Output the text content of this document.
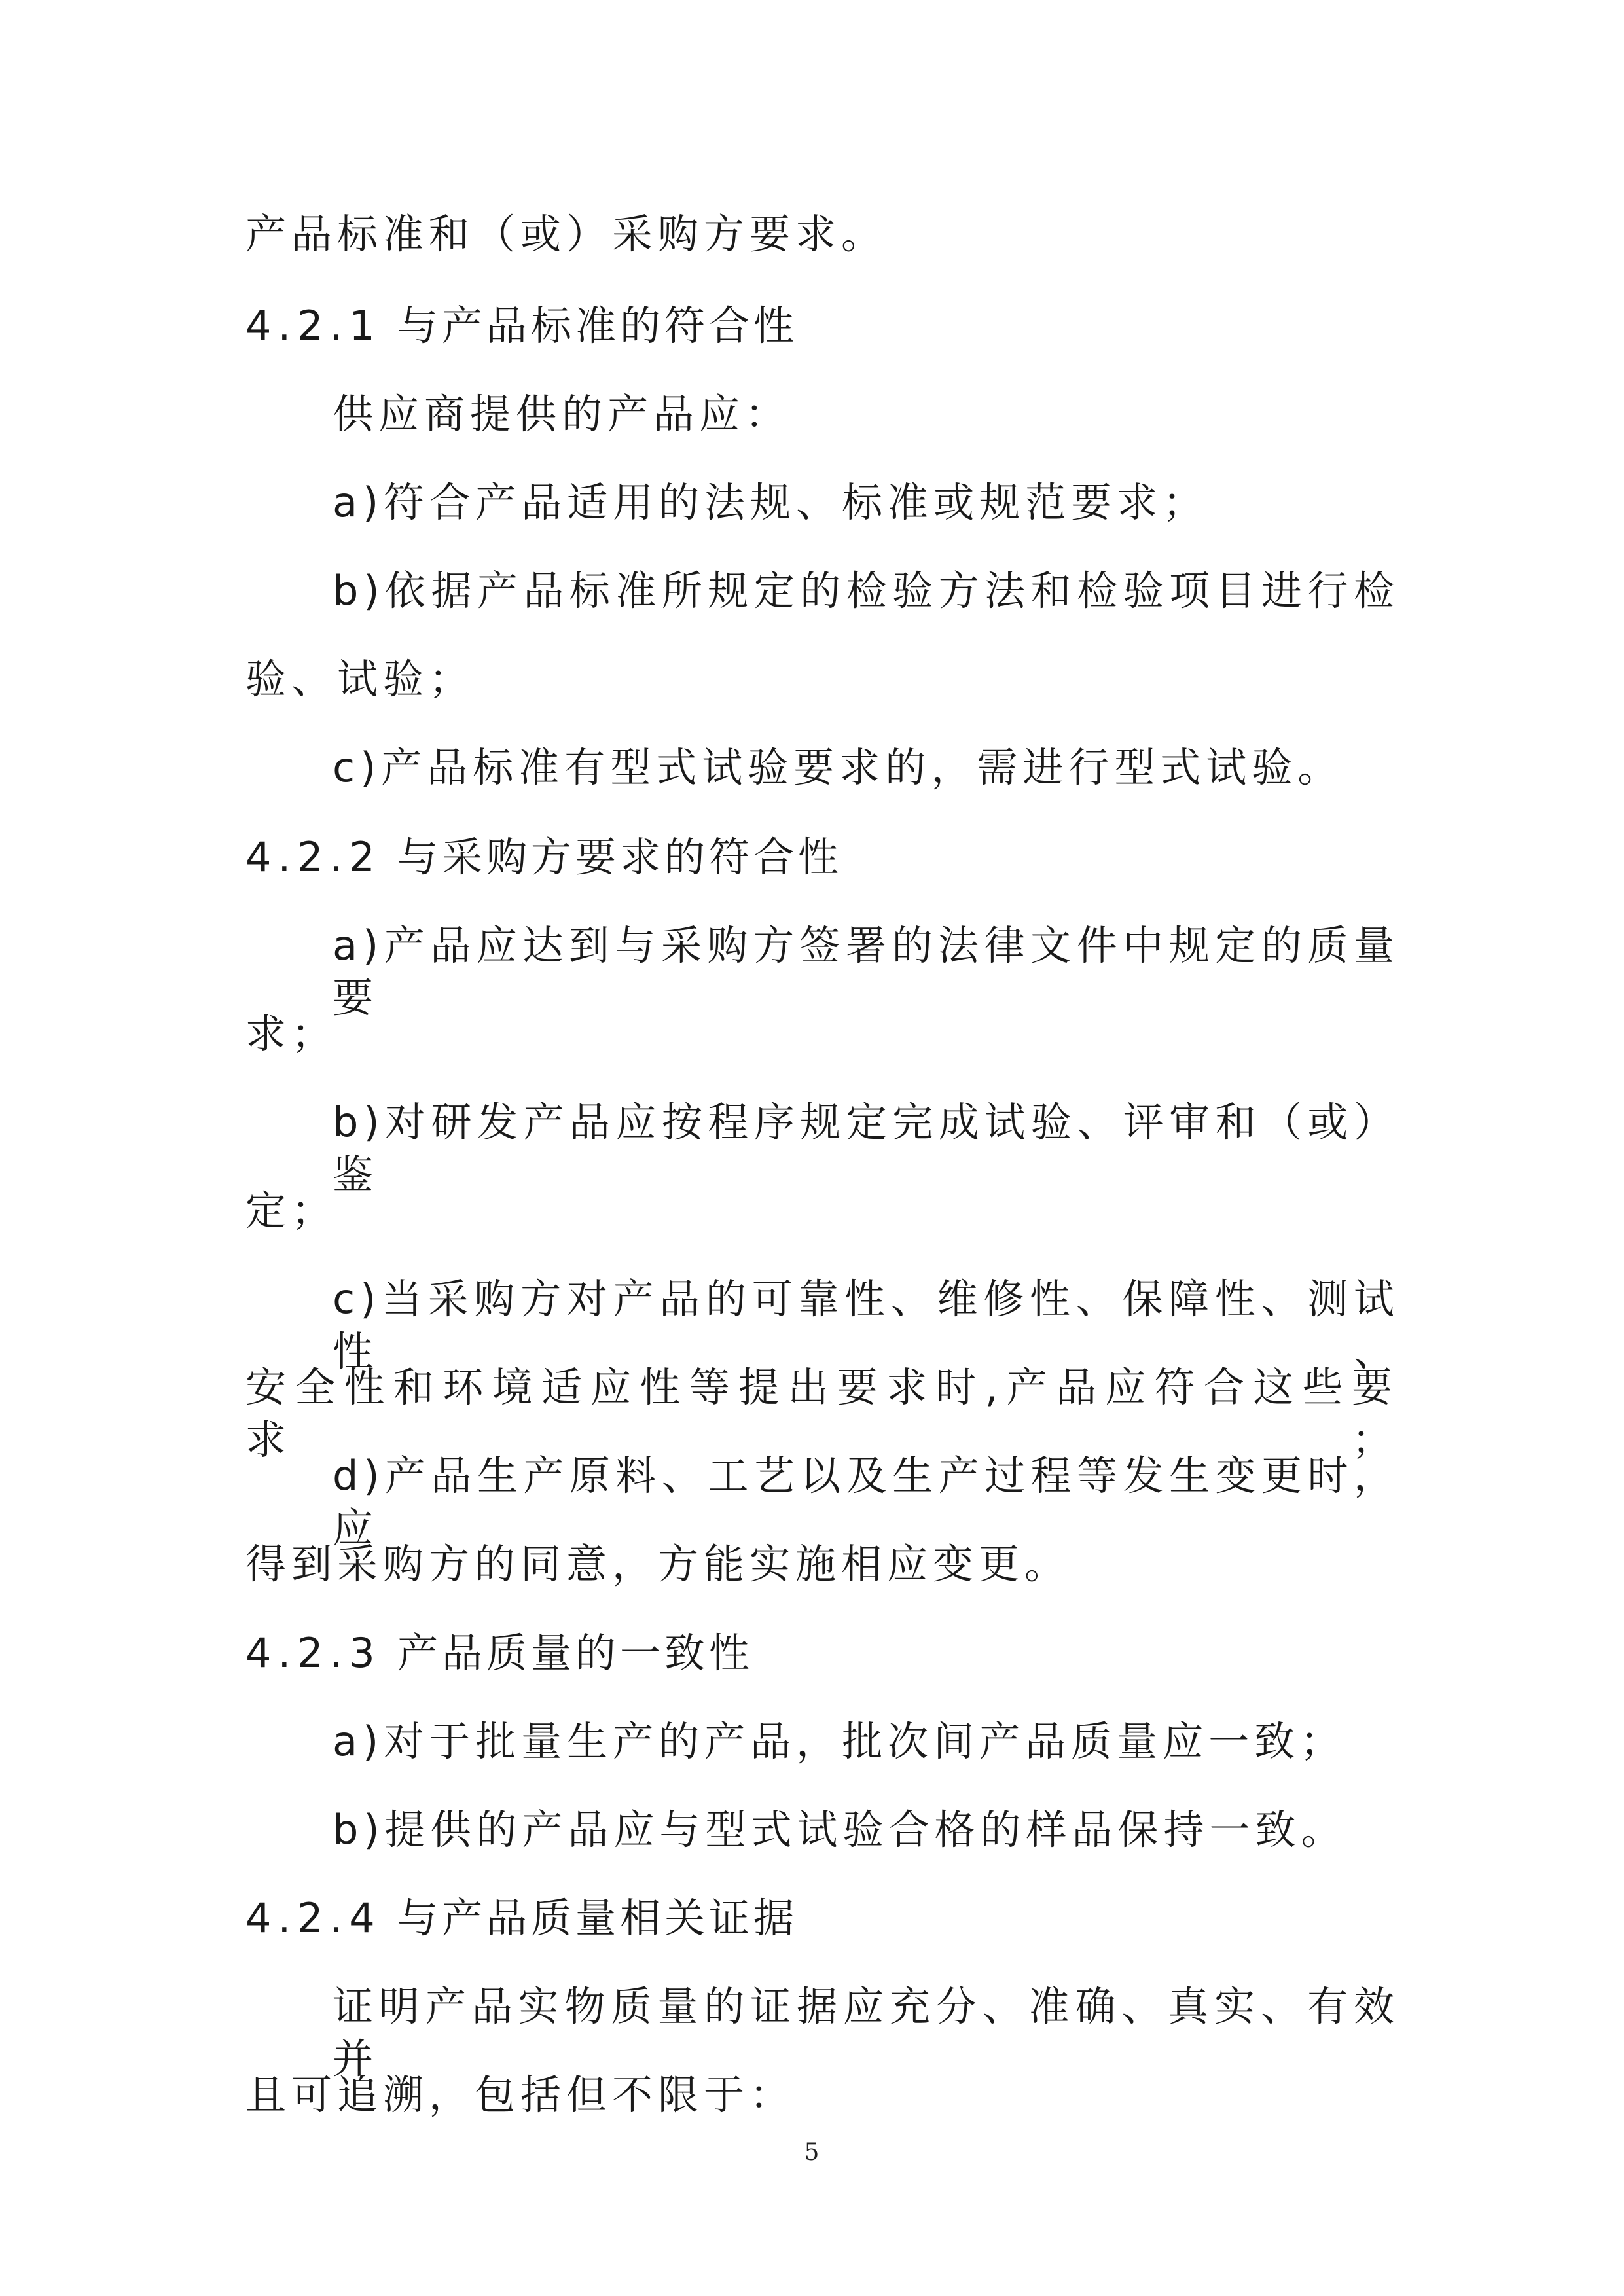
产品标准和（或）采购方要求。
4.2.1 与产品标准的符合性
供应商提供的产品应：
a)符合产品适用的法规、标准或规范要求；
b)依据产品标准所规定的检验方法和检验项目进行检
验、试验；
c)产品标准有型式试验要求的，需进行型式试验。
4.2.2 与采购方要求的符合性
a)产品应达到与采购方签署的法律文件中规定的质量要
求；
b)对研发产品应按程序规定完成试验、评审和（或）鉴
定；
c)当采购方对产品的可靠性、维修性、保障性、测试性、
安全性和环境适应性等提出要求时,产品应符合这些要求；
d)产品生产原料、工艺以及生产过程等发生变更时，应
得到采购方的同意，方能实施相应变更。
4.2.3 产品质量的一致性
a)对于批量生产的产品，批次间产品质量应一致；
b)提供的产品应与型式试验合格的样品保持一致。
4.2.4 与产品质量相关证据
证明产品实物质量的证据应充分、准确、真实、有效并
且可追溯，包括但不限于：
5
